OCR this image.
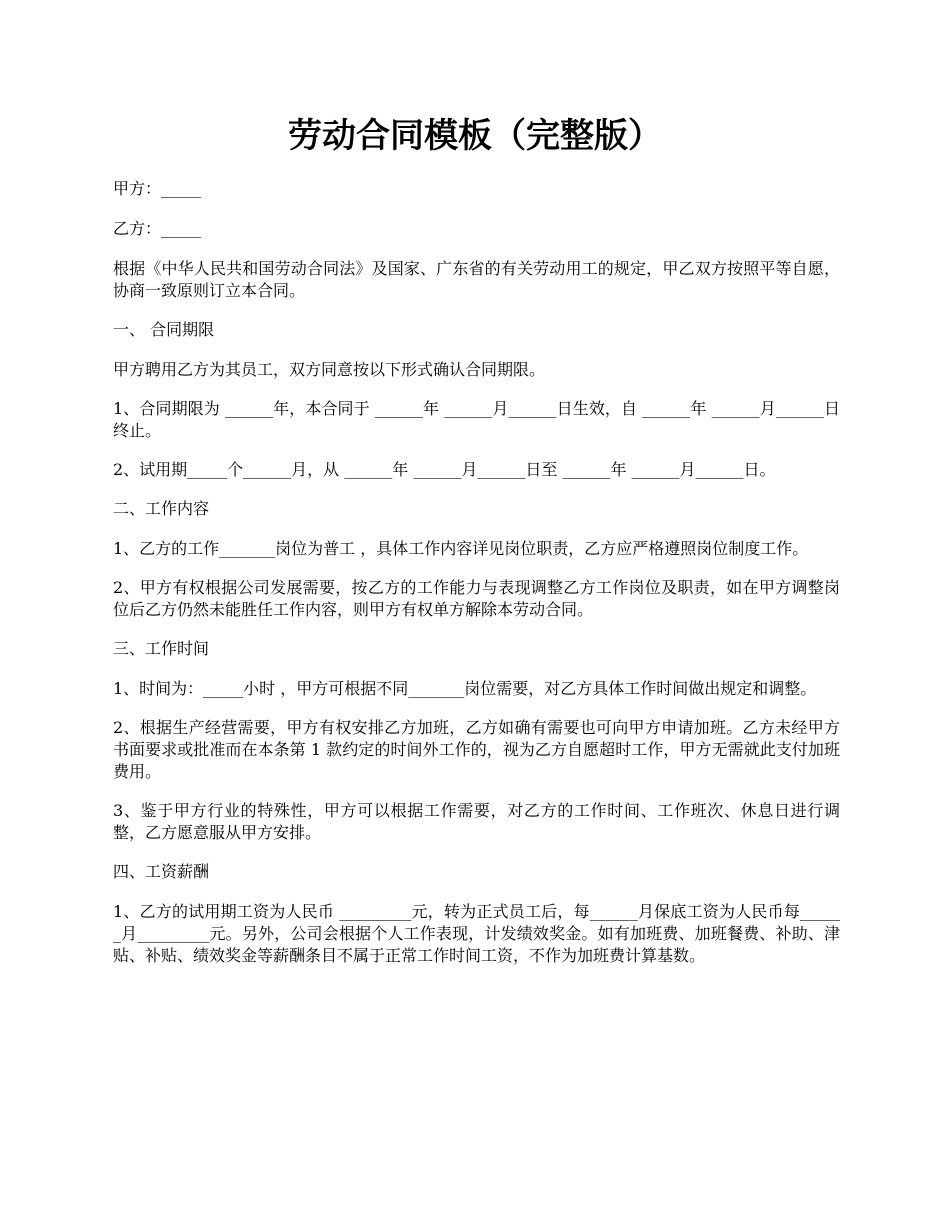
劳动合同模板（完整版）

甲方：_____

乙方：_____

根据《中华人民共和国劳动合同法》及国家、广东省的有关劳动用工的规定，甲乙双方按照平等自愿，协商一致原则订立本合同。

一、 合同期限

甲方聘用乙方为其员工，双方同意按以下形式确认合同期限。

1、合同期限为 ______年，本合同于 ______年 ______月______日生效，自 ______年 ______月______日终止。

2、试用期_____个______月，从 ______年 ______月______日至 ______年 ______月______日。

二、工作内容

1、乙方的工作_______岗位为普工 ，具体工作内容详见岗位职责，乙方应严格遵照岗位制度工作。

2、甲方有权根据公司发展需要，按乙方的工作能力与表现调整乙方工作岗位及职责，如在甲方调整岗位后乙方仍然未能胜任工作内容，则甲方有权单方解除本劳动合同。

三、工作时间

1、时间为：_____小时 ，甲方可根据不同_______岗位需要，对乙方具体工作时间做出规定和调整。

2、根据生产经营需要，甲方有权安排乙方加班，乙方如确有需要也可向甲方申请加班。乙方未经甲方书面要求或批准而在本条第 1 款约定的时间外工作的，视为乙方自愿超时工作，甲方无需就此支付加班费用。

3、鉴于甲方行业的特殊性，甲方可以根据工作需要，对乙方的工作时间、工作班次、休息日进行调整，乙方愿意服从甲方安排。

四、工资薪酬

1、乙方的试用期工资为人民币 _________元，转为正式员工后，每______月保底工资为人民币每______月_________元。另外，公司会根据个人工作表现，计发绩效奖金。如有加班费、加班餐费、补助、津贴、补贴、绩效奖金等薪酬条目不属于正常工作时间工资，不作为加班费计算基数。
